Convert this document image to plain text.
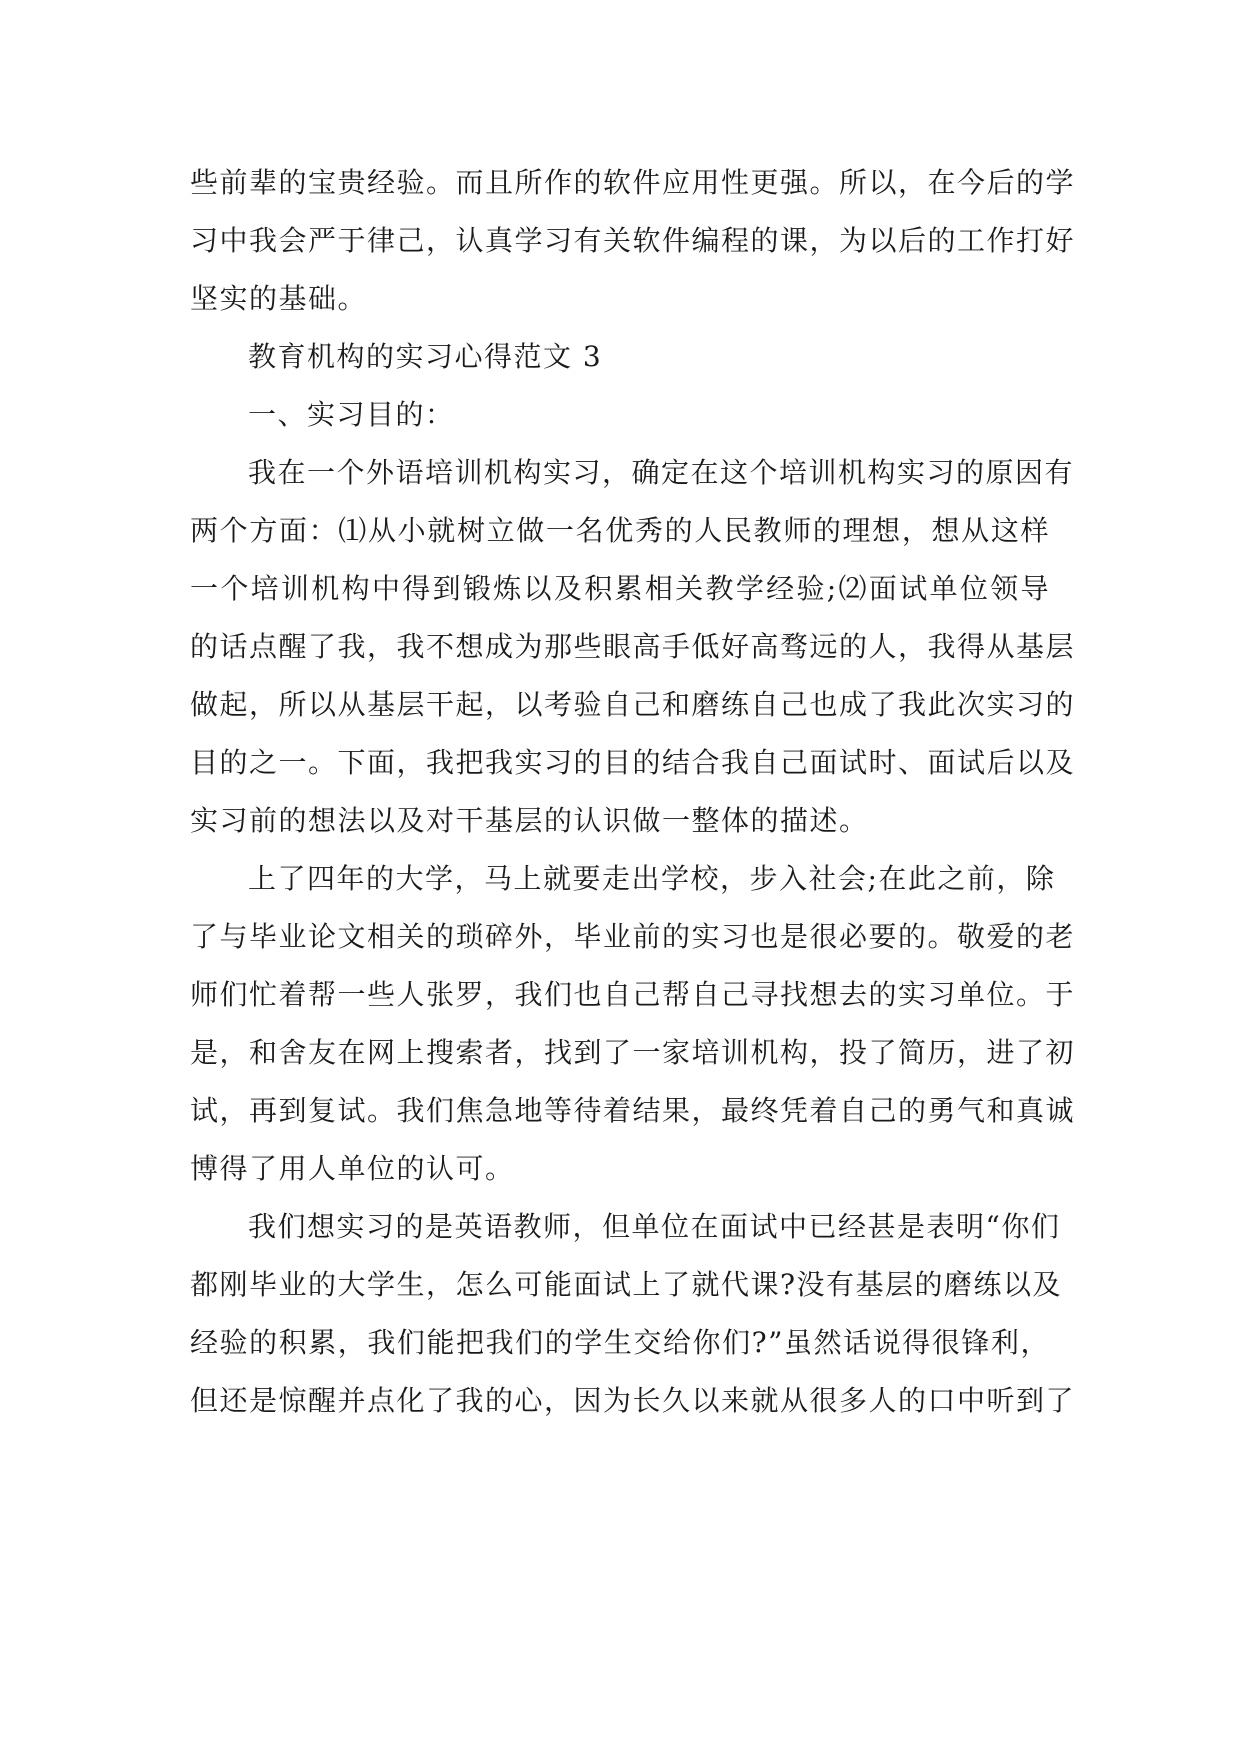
些前辈的宝贵经验。而且所作的软件应用性更强。所以，在今后的学
习中我会严于律己，认真学习有关软件编程的课，为以后的工作打好
坚实的基础。

教育机构的实习心得范文 3

一、实习目的：

我在一个外语培训机构实习，确定在这个培训机构实习的原因有
两个方面：⑴从小就树立做一名优秀的人民教师的理想，想从这样
一个培训机构中得到锻炼以及积累相关教学经验;⑵面试单位领导
的话点醒了我，我不想成为那些眼高手低好高骛远的人，我得从基层
做起，所以从基层干起，以考验自己和磨练自己也成了我此次实习的
目的之一。下面，我把我实习的目的结合我自己面试时、面试后以及
实习前的想法以及对干基层的认识做一整体的描述。

上了四年的大学，马上就要走出学校，步入社会;在此之前，除
了与毕业论文相关的琐碎外，毕业前的实习也是很必要的。敬爱的老
师们忙着帮一些人张罗，我们也自己帮自己寻找想去的实习单位。于
是，和舍友在网上搜索者，找到了一家培训机构，投了简历，进了初
试，再到复试。我们焦急地等待着结果，最终凭着自己的勇气和真诚
博得了用人单位的认可。

我们想实习的是英语教师，但单位在面试中已经甚是表明“你们
都刚毕业的大学生，怎么可能面试上了就代课?没有基层的磨练以及
经验的积累，我们能把我们的学生交给你们?”虽然话说得很锋利，
但还是惊醒并点化了我的心，因为长久以来就从很多人的口中听到了
